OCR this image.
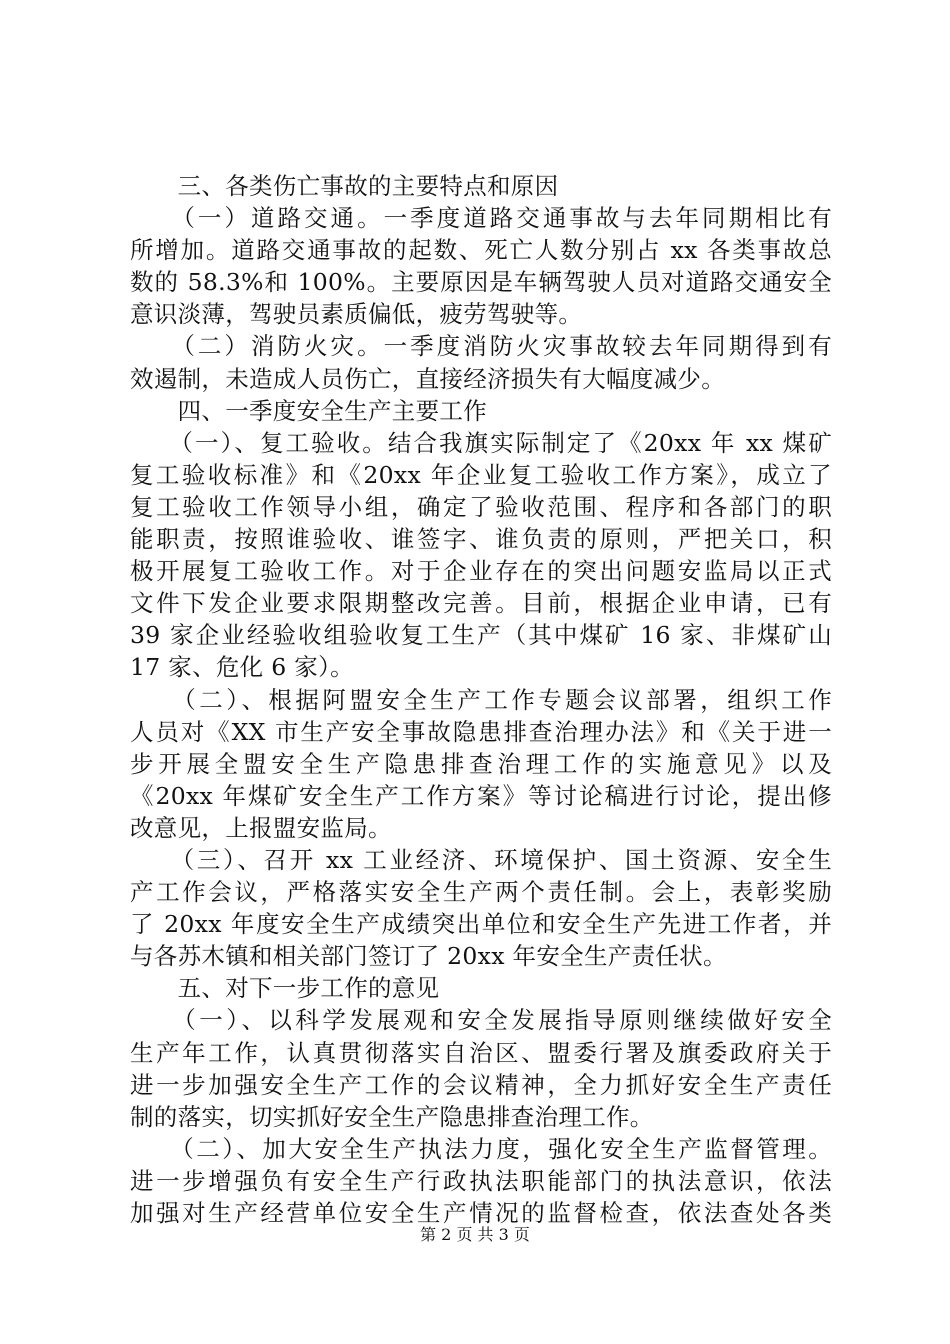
　　三、各类伤亡事故的主要特点和原因
　　（一）道路交通。一季度道路交通事故与去年同期相比有
所增加。道路交通事故的起数、死亡人数分别占 xx 各类事故总
数的 58.3%和 100%。主要原因是车辆驾驶人员对道路交通安全
意识淡薄，驾驶员素质偏低，疲劳驾驶等。
　　（二）消防火灾。一季度消防火灾事故较去年同期得到有
效遏制，未造成人员伤亡，直接经济损失有大幅度减少。
　　四、一季度安全生产主要工作
　　（一）、复工验收。结合我旗实际制定了《20xx 年 xx 煤矿
复工验收标准》和《20xx 年企业复工验收工作方案》，成立了
复工验收工作领导小组，确定了验收范围、程序和各部门的职
能职责，按照谁验收、谁签字、谁负责的原则，严把关口，积
极开展复工验收工作。对于企业存在的突出问题安监局以正式
文件下发企业要求限期整改完善。目前，根据企业申请，已有
39 家企业经验收组验收复工生产（其中煤矿 16 家、非煤矿山
17 家、危化 6 家）。
　　（二）、根据阿盟安全生产工作专题会议部署，组织工作
人员对《XX 市生产安全事故隐患排查治理办法》和《关于进一
步开展全盟安全生产隐患排查治理工作的实施意见》以及
《20xx 年煤矿安全生产工作方案》等讨论稿进行讨论，提出修
改意见，上报盟安监局。
　　（三）、召开 xx 工业经济、环境保护、国土资源、安全生
产工作会议，严格落实安全生产两个责任制。会上，表彰奖励
了 20xx 年度安全生产成绩突出单位和安全生产先进工作者，并
与各苏木镇和相关部门签订了 20xx 年安全生产责任状。
　　五、对下一步工作的意见
　　（一）、以科学发展观和安全发展指导原则继续做好安全
生产年工作，认真贯彻落实自治区、盟委行署及旗委政府关于
进一步加强安全生产工作的会议精神，全力抓好安全生产责任
制的落实，切实抓好安全生产隐患排查治理工作。
　　（二）、加大安全生产执法力度，强化安全生产监督管理。
进一步增强负有安全生产行政执法职能部门的执法意识，依法
加强对生产经营单位安全生产情况的监督检查，依法查处各类
第 2 页 共 3 页
